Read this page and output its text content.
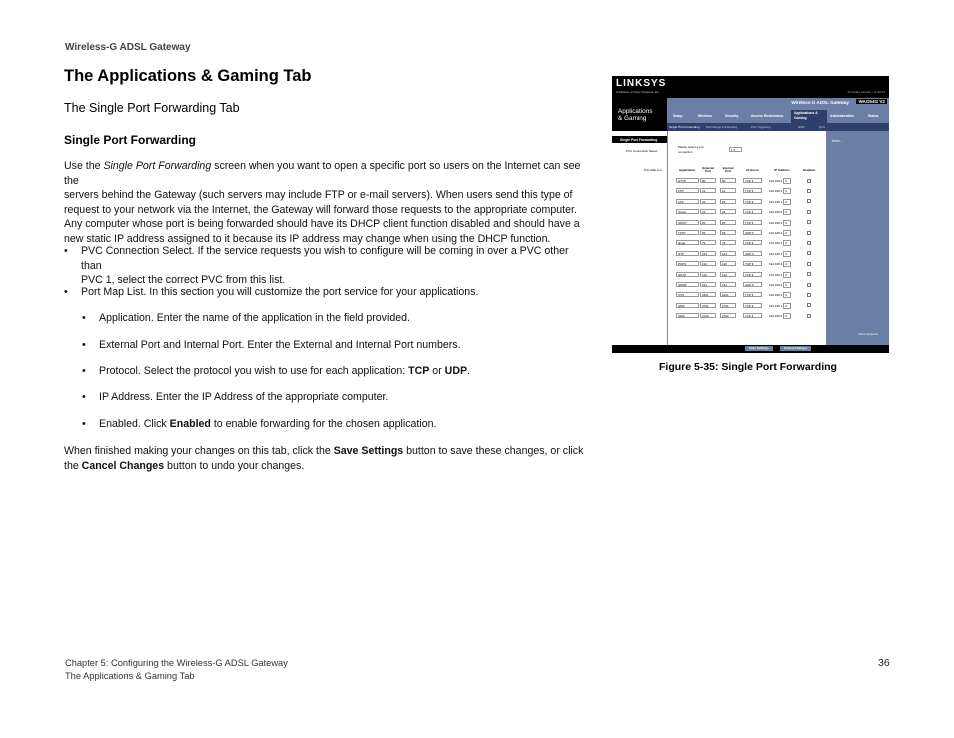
Wireless-G ADSL Gateway
The Applications & Gaming Tab
The Single Port Forwarding Tab
Single Port Forwarding
Use the Single Port Forwarding screen when you want to open a specific port so users on the Internet can see the
servers behind the Gateway (such servers may include FTP or e-mail servers). When users send this type of
request to your network via the Internet, the Gateway will forward those requests to the appropriate computer.
Any computer whose port is being forwarded should have its DHCP client function disabled and should have a
new static IP address assigned to it because its IP address may change when using the DHCP function.
• PVC Connection Select. If the service requests you wish to configure will be coming in over a PVC other than
PVC 1, select the correct PVC from this list.
• Port Map List. In this section you will customize the port service for your applications.
• Application. Enter the name of the application in the field provided.
• External Port and Internal Port. Enter the External and Internal Port numbers.
• Protocol. Select the protocol you wish to use for each application: TCP or UDP.
• IP Address. Enter the IP Address of the appropriate computer.
• Enabled. Click Enabled to enable forwarding for the chosen application.
When finished making your changes on this tab, click the Save Settings button to save these changes, or click
the Cancel Changes button to undo your changes.
LINKSYS
A Division of Cisco Systems, Inc.	Firmware Version : v1.00.01
Applications
& Gaming
Wireless-G ADSL Gateway	WAG54G V2
Setup	Wireless	Security	Access Restrictions
Applications & Gaming	Administration	Status
Single Port Forwarding Port Range Forwarding	Port Triggering	DMZ	QoS
Single Port Forwarding
PVC Connection Select
Port Map List
Please select a pvc
connection	1 ▾
Application	External Port
Internal Port	Protocol	IP Address	Enabled
More...
Cisco Systems
Save Settings	Cancel Changes
HTTP	80	80	TCP ▾	192.168.1. 0
FTP	21	21	TCP ▾	192.168.1. 0
FTE	22	22	TCP ▾	192.168.1. 0
Telnet	23	23	TCP ▾	192.168.1. 0
SMTP	25	25	TCP ▾	192.168.1. 0
TFTP	69	69	UDP ▾	192.168.1. 0
finger	79	79	TCP ▾	192.168.1. 0
NTP	123	123	UDP ▾	192.168.1. 0
POP3	110	110	TCP ▾	192.168.1. 0
NNTP	119	119	TCP ▾	192.168.1. 0
SNMP	161	161	UDP ▾	192.168.1. 0
CVS	2401	2401	TCP ▾	192.168.1. 0
SMS	2701	2701	TCP ▾	192.168.1. 0
SMS	2702	2702	TCP ▾	192.168.1. 0
Figure 5-35: Single Port Forwarding
Chapter 5: Configuring the Wireless-G ADSL Gateway
The Applications & Gaming Tab
36
